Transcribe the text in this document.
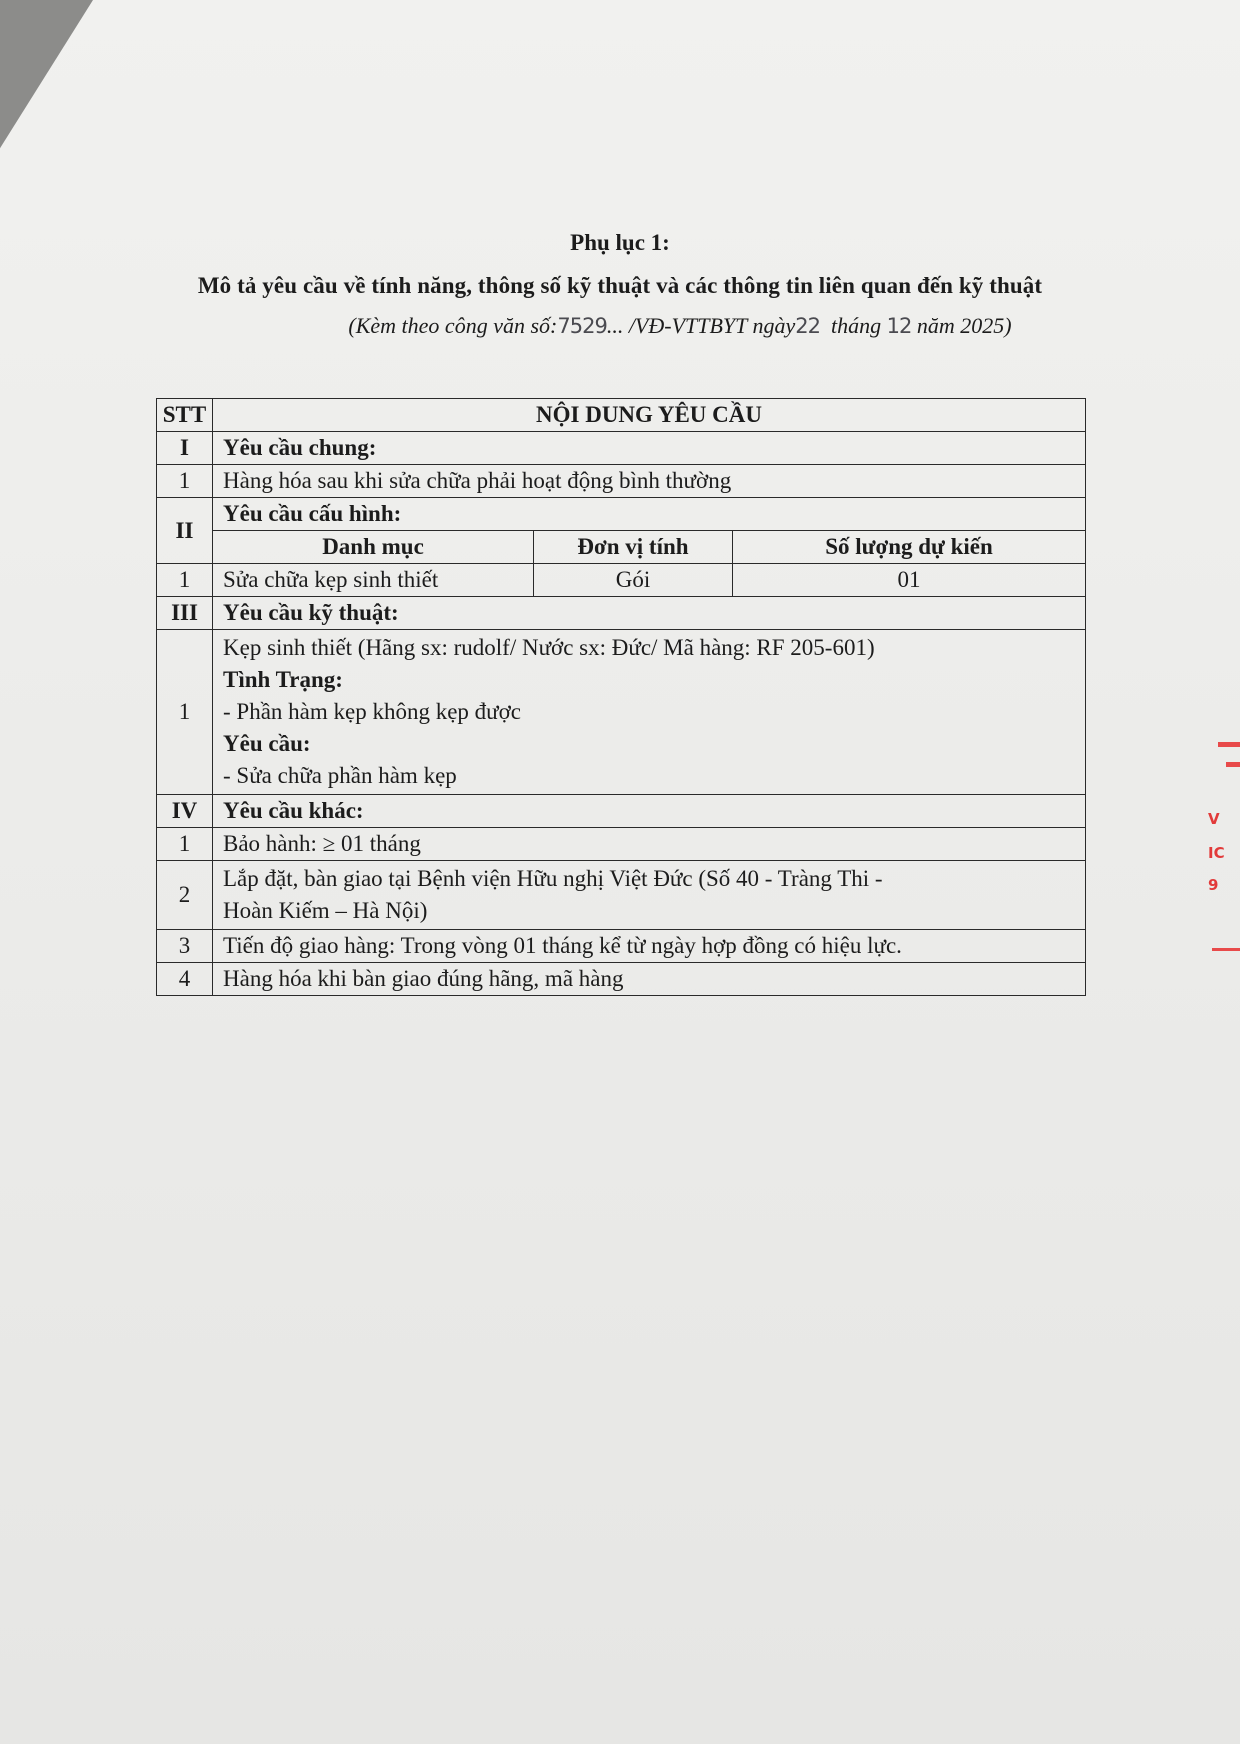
V
IC
9
Phụ lục 1:
Mô tả yêu cầu về tính năng, thông số kỹ thuật và các thông tin liên quan đến kỹ thuật
(Kèm theo công văn số:7529... /VĐ-VTTBYT ngày22 tháng 12 năm 2025)
STT	NỘI DUNG YÊU CẦU		
I	Yêu cầu chung:		
1	Hàng hóa sau khi sửa chữa phải hoạt động bình thường		
II	Yêu cầu cấu hình:		
	Danh mục	Đơn vị tính	Số lượng dự kiến
1	Sửa chữa kẹp sinh thiết	Gói	01
III	Yêu cầu kỹ thuật:		
1	Kẹp sinh thiết (Hãng sx: rudolf/ Nước sx: Đức/ Mã hàng: RF 205-601)
Tình Trạng:
- Phần hàm kẹp không kẹp được
Yêu cầu:
- Sửa chữa phần hàm kẹp		

IV	Yêu cầu khác:		
1	Bảo hành: ≥ 01 tháng		
2	Lắp đặt, bàn giao tại Bệnh viện Hữu nghị Việt Đức (Số 40 - Tràng Thi -
Hoàn Kiếm – Hà Nội)		

3	Tiến độ giao hàng: Trong vòng 01 tháng kể từ ngày hợp đồng có hiệu lực.		
4	Hàng hóa khi bàn giao đúng hãng, mã hàng		
